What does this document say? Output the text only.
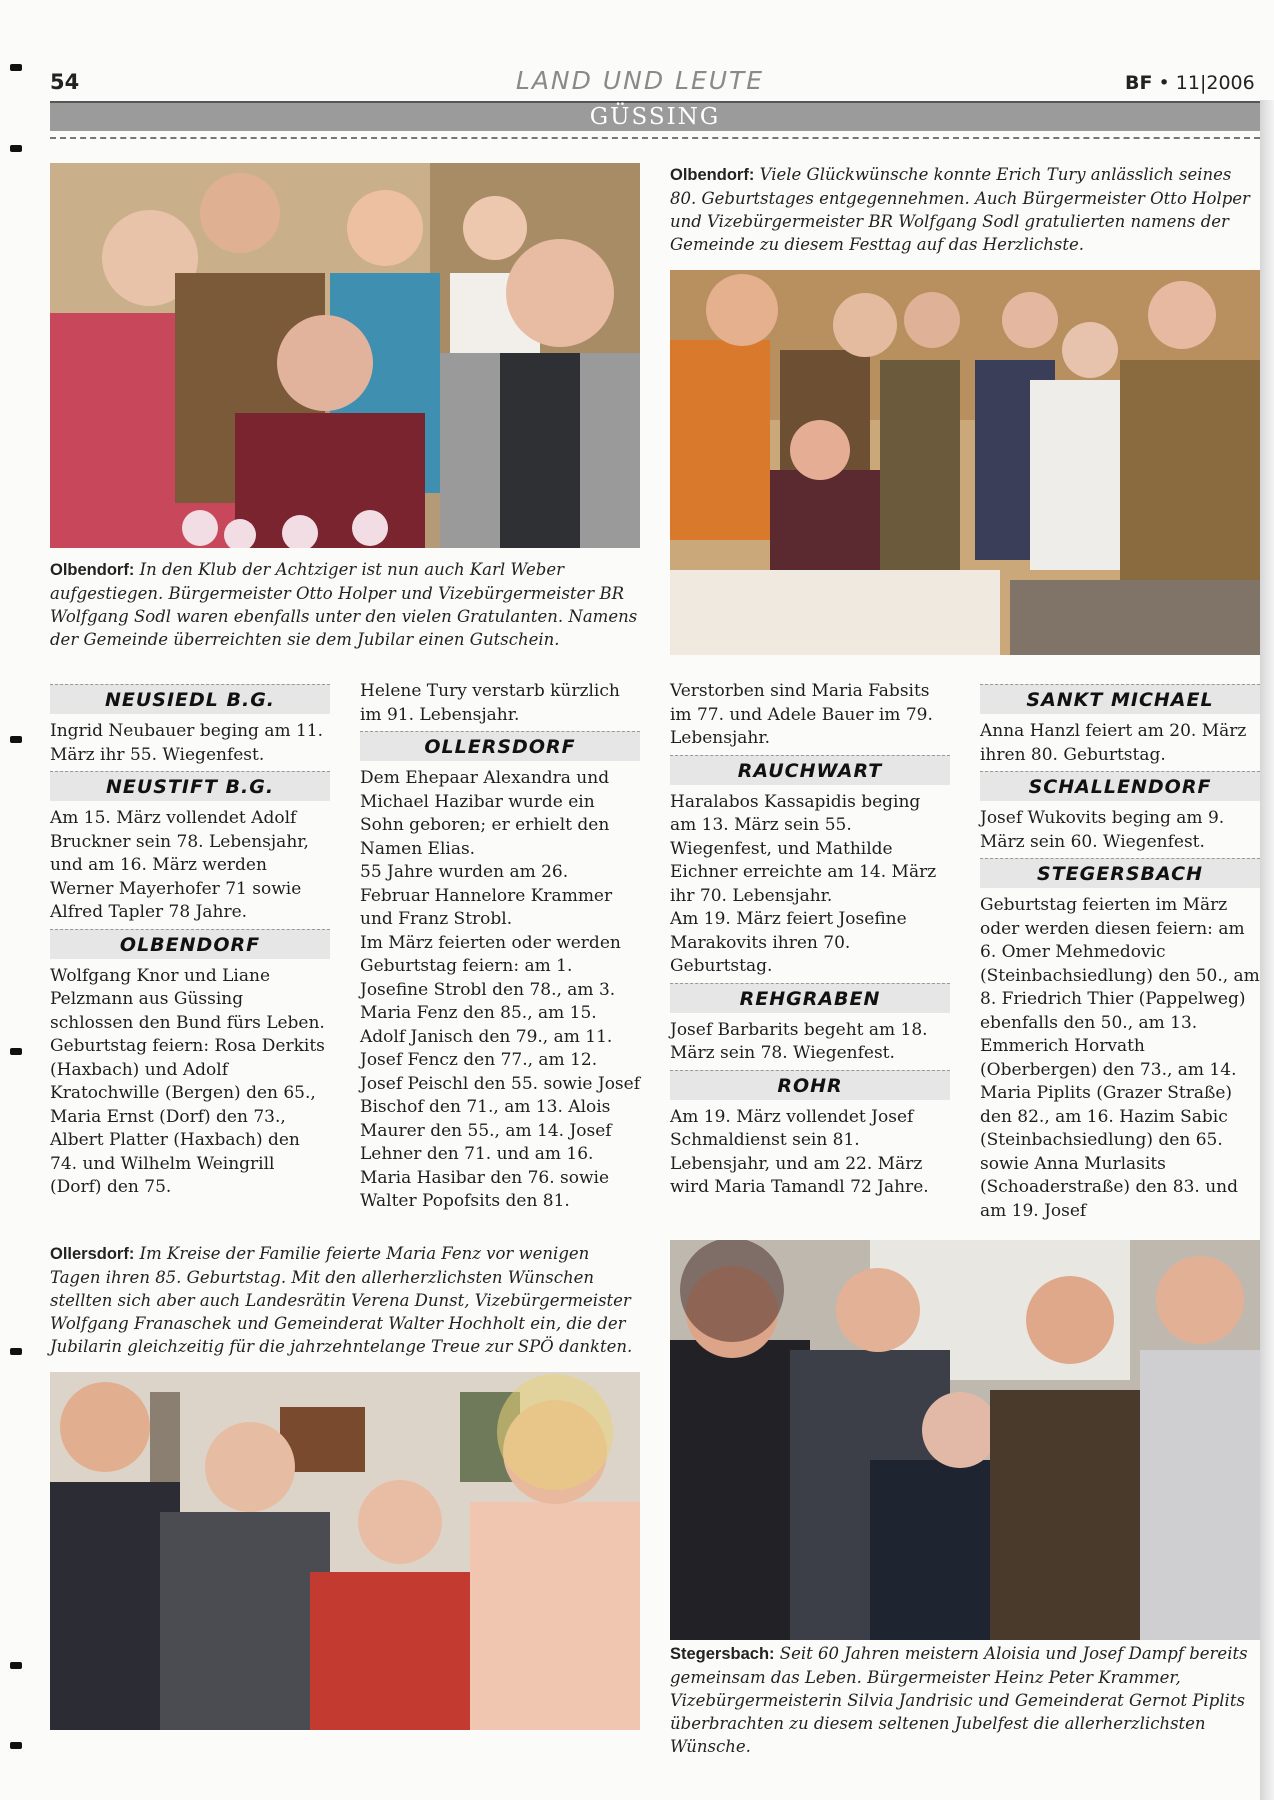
54	LAND UND LEUTE	BF • 11|2006
GÜSSING
Olbendorf: In den Klub der Achtziger ist nun auch Karl Weber aufgestiegen. Bürgermeister Otto Holper und Vizebürgermeister BR Wolfgang Sodl waren ebenfalls unter den vielen Gratulanten. Namens der Gemeinde überreichten sie dem Jubilar einen Gutschein.
Olbendorf: Viele Glückwünsche konnte Erich Tury anlässlich seines 80. Geburtstages entgegennehmen. Auch Bürgermeister Otto Holper und Vizebürgermeister BR Wolfgang Sodl gratulierten namens der Gemeinde zu diesem Festtag auf das Herzlichste.
NEUSIEDL B.G.

Ingrid Neubauer beging am 11. März ihr 55. Wiegenfest.

NEUSTIFT B.G.

Am 15. März vollendet Adolf Bruckner sein 78. Lebensjahr, und am 16. März werden Werner Mayerhofer 71 sowie Alfred Tapler 78 Jahre.

OLBENDORF

Wolfgang Knor und Liane Pelzmann aus Güssing schlossen den Bund fürs Leben. Geburtstag feiern: Rosa Derkits (Haxbach) und Adolf Kratochwille (Bergen) den 65., Maria Ernst (Dorf) den 73., Albert Platter (Haxbach) den 74. und Wilhelm Weingrill (Dorf) den 75.

Helene Tury verstarb kürzlich im 91. Lebensjahr.

OLLERSDORF

Dem Ehepaar Alexandra und Michael Hazibar wurde ein Sohn geboren; er erhielt den Namen Elias.

55 Jahre wurden am 26. Februar Hannelore Krammer und Franz Strobl.

Im März feierten oder werden Geburtstag feiern: am 1. Josefine Strobl den 78., am 3. Maria Fenz den 85., am 15. Adolf Janisch den 79., am 11. Josef Fencz den 77., am 12. Josef Peischl den 55. sowie Josef Bischof den 71., am 13. Alois Maurer den 55., am 14. Josef Lehner den 71. und am 16. Maria Hasibar den 76. sowie Walter Popofsits den 81.

Verstorben sind Maria Fabsits im 77. und Adele Bauer im 79. Lebensjahr.

RAUCHWART

Haralabos Kassapidis beging am 13. März sein 55. Wiegenfest, und Mathilde Eichner erreichte am 14. März ihr 70. Lebensjahr.

Am 19. März feiert Josefine Marakovits ihren 70. Geburtstag.

REHGRABEN

Josef Barbarits begeht am 18. März sein 78. Wiegenfest.

ROHR

Am 19. März vollendet Josef Schmaldienst sein 81. Lebensjahr, und am 22. März wird Maria Tamandl 72 Jahre.

SANKT MICHAEL

Anna Hanzl feiert am 20. März ihren 80. Geburtstag.

SCHALLENDORF

Josef Wukovits beging am 9. März sein 60. Wiegenfest.

STEGERSBACH

Geburtstag feierten im März oder werden diesen feiern: am 6. Omer Mehmedovic (Steinbachsiedlung) den 50., am 8. Friedrich Thier (Pappelweg) ebenfalls den 50., am 13. Emmerich Horvath (Oberbergen) den 73., am 14. Maria Piplits (Grazer Straße) den 82., am 16. Hazim Sabic (Steinbachsiedlung) den 65. sowie Anna Murlasits (Schoaderstraße) den 83. und am 19. Josef

Ollersdorf: Im Kreise der Familie feierte Maria Fenz vor wenigen Tagen ihren 85. Geburtstag. Mit den allerherzlichsten Wünschen stellten sich aber auch Landesrätin Verena Dunst, Vizebürgermeister Wolfgang Franaschek und Gemeinderat Walter Hochholt ein, die der Jubilarin gleichzeitig für die jahrzehntelange Treue zur SPÖ dankten.
Stegersbach: Seit 60 Jahren meistern Aloisia und Josef Dampf bereits gemeinsam das Leben. Bürgermeister Heinz Peter Krammer, Vizebürgermeisterin Silvia Jandrisic und Gemeinderat Gernot Piplits überbrachten zu diesem seltenen Jubelfest die allerherzlichsten Wünsche.
